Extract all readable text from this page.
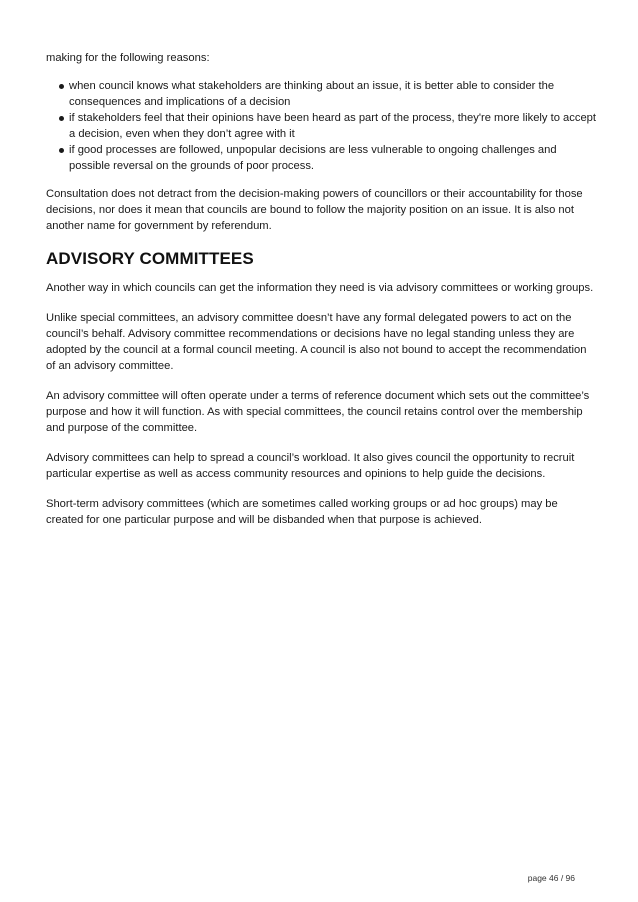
making for the following reasons:

when council knows what stakeholders are thinking about an issue, it is better able to consider the consequences and implications of a decision
if stakeholders feel that their opinions have been heard as part of the process, they're more likely to accept a decision, even when they don’t agree with it
if good processes are followed, unpopular decisions are less vulnerable to ongoing challenges and possible reversal on the grounds of poor process.

Consultation does not detract from the decision-making powers of councillors or their accountability for those decisions, nor does it mean that councils are bound to follow the majority position on an issue. It is also not another name for government by referendum.

ADVISORY COMMITTEES

Another way in which councils can get the information they need is via advisory committees or working groups.

Unlike special committees, an advisory committee doesn’t have any formal delegated powers to act on the council’s behalf. Advisory committee recommendations or decisions have no legal standing unless they are adopted by the council at a formal council meeting. A council is also not bound to accept the recommendation of an advisory committee.

An advisory committee will often operate under a terms of reference document which sets out the committee’s purpose and how it will function. As with special committees, the council retains control over the membership and purpose of the committee.

Advisory committees can help to spread a council’s workload. It also gives council the opportunity to recruit particular expertise as well as access community resources and opinions to help guide the decisions.

Short-term advisory committees (which are sometimes called working groups or ad hoc groups) may be created for one particular purpose and will be disbanded when that purpose is achieved.

page 46 / 96
